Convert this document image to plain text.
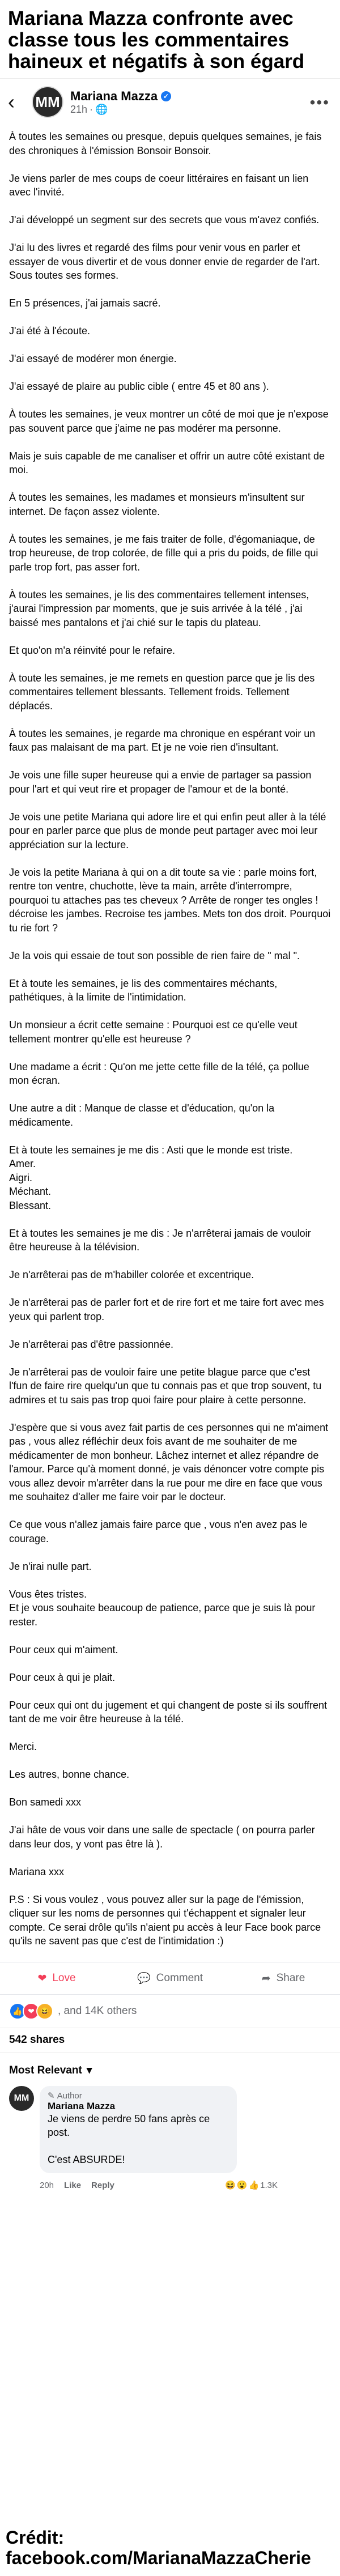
Mariana Mazza confronte avec classe tous les commentaires haineux et négatifs à son égard
‹	MM Mariana Mazza ✓
21h · 🌐	•••

À toutes les semaines ou presque, depuis quelques semaines, je fais des chroniques à l'émission Bonsoir Bonsoir.

Je viens parler de mes coups de coeur littéraires en faisant un lien avec l'invité.

J'ai développé un segment sur des secrets que vous m'avez confiés.

J'ai lu des livres et regardé des films pour venir vous en parler et essayer de vous divertir et de vous donner envie de regarder de l'art. Sous toutes ses formes.

En 5 présences, j'ai jamais sacré.

J'ai été à l'écoute.

J'ai essayé de modérer mon énergie.

J'ai essayé de plaire au public cible ( entre 45 et 80 ans ).

À toutes les semaines, je veux montrer un côté de moi que je n'expose pas souvent parce que j'aime ne pas modérer ma personne.

Mais je suis capable de me canaliser et offrir un autre côté existant de moi.

À toutes les semaines, les madames et monsieurs m'insultent sur internet. De façon assez violente.

À toutes les semaines, je me fais traiter de folle, d'égomaniaque, de trop heureuse, de trop colorée, de fille qui a pris du poids, de fille qui parle trop fort, pas asser fort.

À toutes les semaines, je lis des commentaires tellement intenses, j'aurai l'impression par moments, que je suis arrivée à la télé , j'ai baissé mes pantalons et j'ai chié sur le tapis du plateau.

Et quo'on m'a réinvité pour le refaire.

À toute les semaines, je me remets en question parce que je lis des commentaires tellement blessants. Tellement froids. Tellement déplacés.

À toutes les semaines, je regarde ma chronique en espérant voir un faux pas malaisant de ma part. Et je ne voie rien d'insultant.

Je vois une fille super heureuse qui a envie de partager sa passion pour l'art et qui veut rire et propager de l'amour et de la bonté.

Je vois une petite Mariana qui adore lire et qui enfin peut aller à la télé pour en parler parce que plus de monde peut partager avec moi leur appréciation sur la lecture.

Je vois la petite Mariana à qui on a dit toute sa vie : parle moins fort, rentre ton ventre, chuchotte, lève ta main, arrête d'interrompre, pourquoi tu attaches pas tes cheveux ? Arrête de ronger tes ongles ! décroise les jambes. Recroise tes jambes. Mets ton dos droit. Pourquoi tu rie fort ?

Je la vois qui essaie de tout son possible de rien faire de " mal ".

Et à toute les semaines, je lis des commentaires méchants, pathétiques, à la limite de l'intimidation.

Un monsieur a écrit cette semaine : Pourquoi est ce qu'elle veut tellement montrer qu'elle est heureuse ?

Une madame a écrit : Qu'on me jette cette fille de la télé, ça pollue mon écran.

Une autre a dit : Manque de classe et d'éducation, qu'on la médicamente.

Et à toute les semaines je me dis : Asti que le monde est triste.
Amer.
Aigri.
Méchant.
Blessant.

Et à toutes les semaines je me dis : Je n'arrêterai jamais de vouloir être heureuse à la télévision.

Je n'arrêterai pas de m'habiller colorée et excentrique.

Je n'arrêterai pas de parler fort et de rire fort et me taire fort avec mes yeux qui parlent trop.

Je n'arrêterai pas d'être passionnée.

Je n'arrêterai pas de vouloir faire une petite blague parce que c'est l'fun de faire rire quelqu'un que tu connais pas et que trop souvent, tu admires et tu sais pas trop quoi faire pour plaire à cette personne.

J'espère que si vous avez fait partis de ces personnes qui ne m'aiment pas , vous allez réfléchir deux fois avant de me souhaiter de me médicamenter de mon bonheur. Lâchez internet et allez répandre de l'amour. Parce qu'à moment donné, je vais dénoncer votre compte pis vous allez devoir m'arrêter dans la rue pour me dire en face que vous me souhaitez d'aller me faire voir par le docteur.

Ce que vous n'allez jamais faire parce que , vous n'en avez pas le courage.

Je n'irai nulle part.

Vous êtes tristes.
Et je vous souhaite beaucoup de patience, parce que je suis là pour rester.

Pour ceux qui m'aiment.

Pour ceux à qui je plait.

Pour ceux qui ont du jugement et qui changent de poste si ils souffrent tant de me voir être heureuse à la télé.

Merci.

Les autres, bonne chance.

Bon samedi xxx

J'ai hâte de vous voir dans une salle de spectacle ( on pourra parler dans leur dos, y vont pas être là ).

Mariana xxx

P.S : Si vous voulez , vous pouvez aller sur la page de l'émission, cliquer sur les noms de personnes qui t'échappent et signaler leur compte. Ce serai drôle qu'ils n'aient pu accès à leur Face book parce qu'ils ne savent pas que c'est de l'intimidation :)

❤ Love	💬 Comment	➦ Share
👍 ❤ 😆 , and 14K others
542 shares
Most Relevant ▾
MM	✎ Author
Mariana Mazza
Je viens de perdre 50 fans après ce post.

C'est ABSURDE!
20h Like Reply	😆 😮 👍 1.3K
Crédit:
facebook.com/MarianaMazzaCherie
